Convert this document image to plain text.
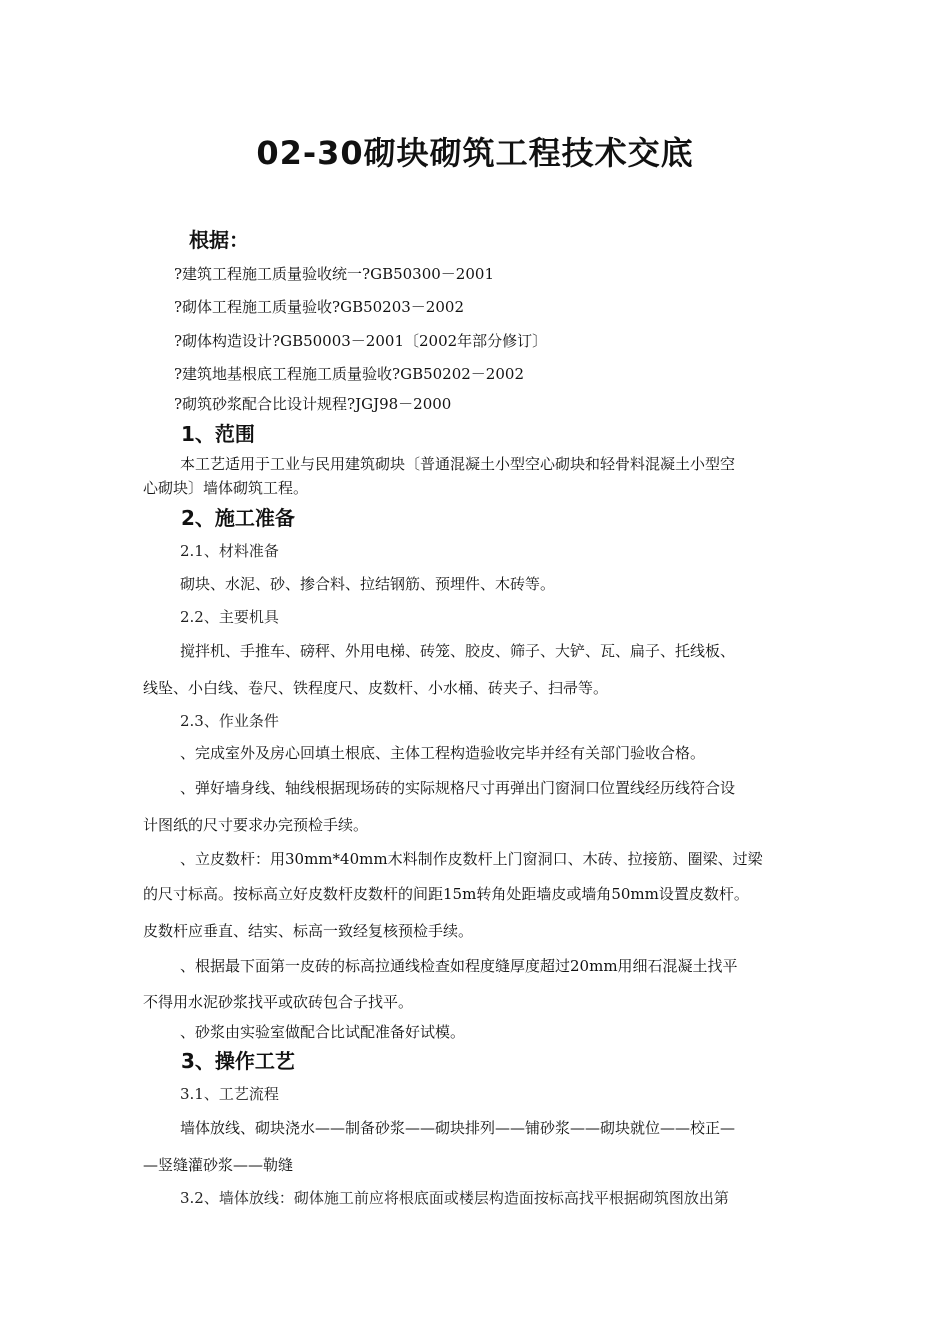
02-30砌块砌筑工程技术交底
根据：
?建筑工程施工质量验收统一?GB50300－2001
?砌体工程施工质量验收?GB50203－2002
?砌体构造设计?GB50003－2001〔2002年部分修订〕
?建筑地基根底工程施工质量验收?GB50202－2002
?砌筑砂浆配合比设计规程?JGJ98－2000
1、范围
本工艺适用于工业与民用建筑砌块〔普通混凝土小型空心砌块和轻骨料混凝土小型空
心砌块〕墙体砌筑工程。
2、施工准备
2.1、材料准备
砌块、水泥、砂、掺合料、拉结钢筋、预埋件、木砖等。
2.2、主要机具
搅拌机、手推车、磅秤、外用电梯、砖笼、胶皮、筛子、大铲、瓦、扁子、托线板、
线坠、小白线、卷尺、铁程度尺、皮数杆、小水桶、砖夹子、扫帚等。
2.3、作业条件
、完成室外及房心回填土根底、主体工程构造验收完毕并经有关部门验收合格。
、弹好墙身线、轴线根据现场砖的实际规格尺寸再弹出门窗洞口位置线经历线符合设
计图纸的尺寸要求办完预检手续。
、立皮数杆：用30mm*40mm木料制作皮数杆上门窗洞口、木砖、拉接筋、圈梁、过梁
的尺寸标高。按标高立好皮数杆皮数杆的间距15m转角处距墙皮或墙角50mm设置皮数杆。
皮数杆应垂直、结实、标高一致经复核预检手续。
、根据最下面第一皮砖的标高拉通线检查如程度缝厚度超过20mm用细石混凝土找平
不得用水泥砂浆找平或砍砖包合子找平。
、砂浆由实验室做配合比试配准备好试模。
3、操作工艺
3.1、工艺流程
墙体放线、砌块浇水——制备砂浆——砌块排列——铺砂浆——砌块就位——校正—
—竖缝灌砂浆——勒缝
3.2、墙体放线：砌体施工前应将根底面或楼层构造面按标高找平根据砌筑图放出第
